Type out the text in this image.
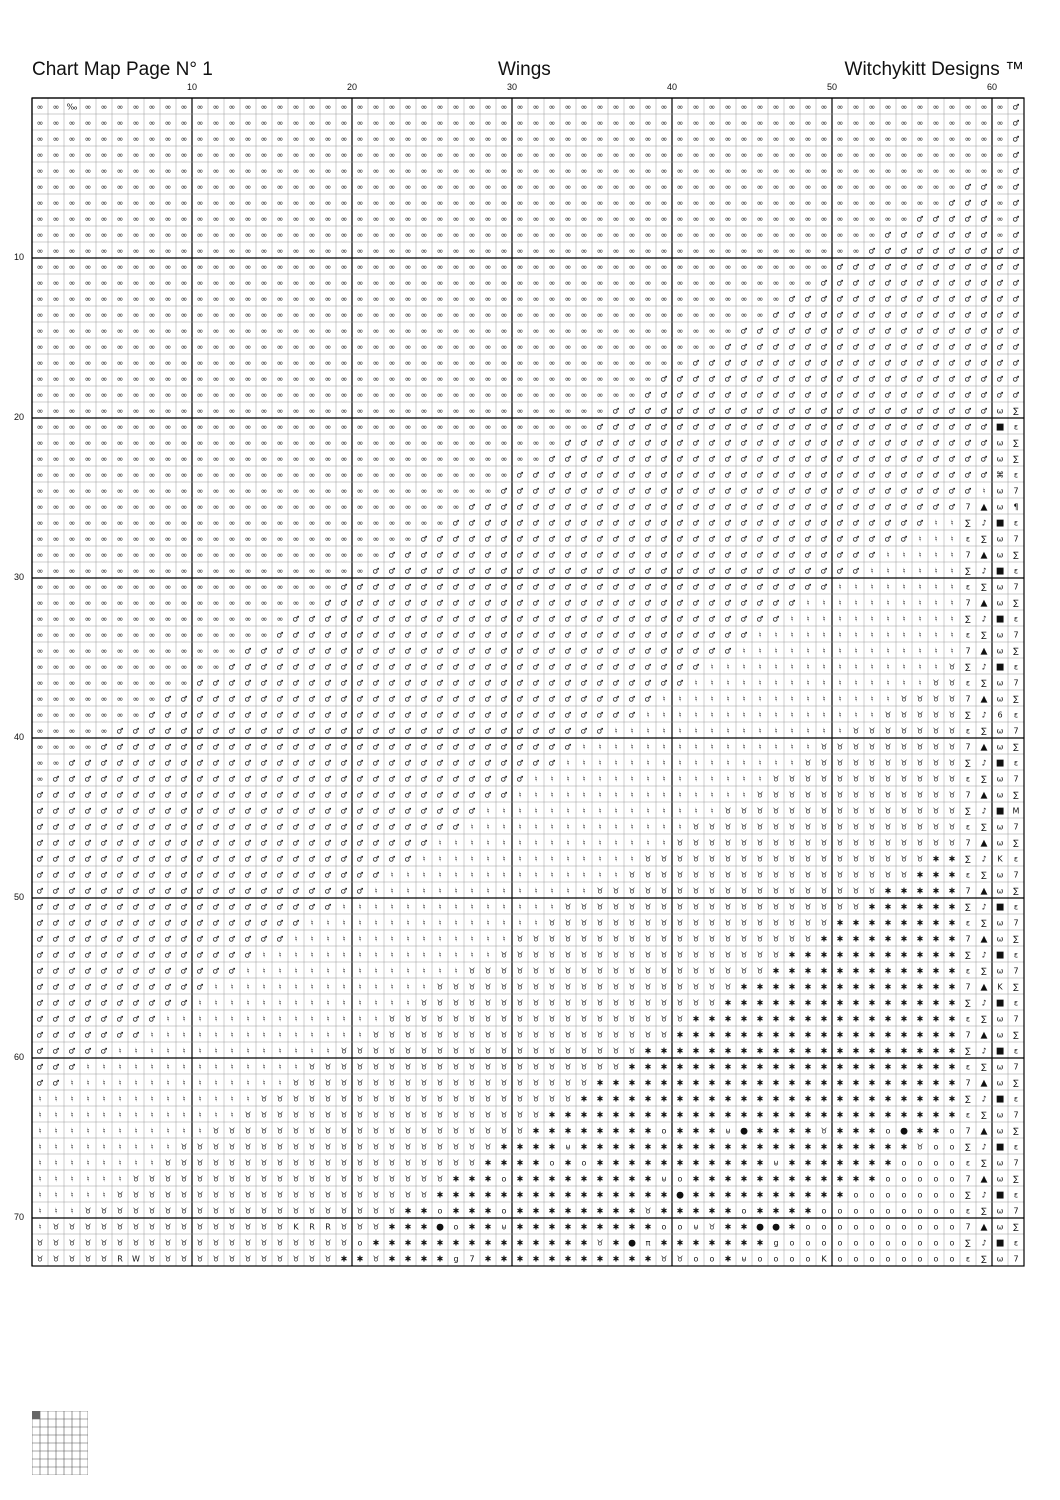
Chart Map Page N° 1	Wings	Witchykitt Designs ™
10	20	30	40	50	60
10
20
30
40
50
60
70
∞ ∞ ‰ ∞ ∞ ∞ ∞ ∞ ∞ ∞ ∞ ∞ ∞ ∞ ∞ ∞ ∞ ∞ ∞ ∞ ∞ ∞ ∞ ∞ ∞ ∞ ∞ ∞ ∞ ∞ ∞ ∞ ∞ ∞ ∞ ∞ ∞ ∞ ∞ ∞ ∞ ∞ ∞ ∞ ∞ ∞ ∞ ∞ ∞ ∞ ∞ ∞ ∞ ∞ ∞ ∞ ∞ ∞ ∞ ∞ ∞ ♂
∞ ∞ ∞ ∞ ∞ ∞ ∞ ∞ ∞ ∞ ∞ ∞ ∞ ∞ ∞ ∞ ∞ ∞ ∞ ∞ ∞ ∞ ∞ ∞ ∞ ∞ ∞ ∞ ∞ ∞ ∞ ∞ ∞ ∞ ∞ ∞ ∞ ∞ ∞ ∞ ∞ ∞ ∞ ∞ ∞ ∞ ∞ ∞ ∞ ∞ ∞ ∞ ∞ ∞ ∞ ∞ ∞ ∞ ∞ ∞ ∞ ♂
∞ ∞ ∞ ∞ ∞ ∞ ∞ ∞ ∞ ∞ ∞ ∞ ∞ ∞ ∞ ∞ ∞ ∞ ∞ ∞ ∞ ∞ ∞ ∞ ∞ ∞ ∞ ∞ ∞ ∞ ∞ ∞ ∞ ∞ ∞ ∞ ∞ ∞ ∞ ∞ ∞ ∞ ∞ ∞ ∞ ∞ ∞ ∞ ∞ ∞ ∞ ∞ ∞ ∞ ∞ ∞ ∞ ∞ ∞ ∞ ∞ ♂
∞ ∞ ∞ ∞ ∞ ∞ ∞ ∞ ∞ ∞ ∞ ∞ ∞ ∞ ∞ ∞ ∞ ∞ ∞ ∞ ∞ ∞ ∞ ∞ ∞ ∞ ∞ ∞ ∞ ∞ ∞ ∞ ∞ ∞ ∞ ∞ ∞ ∞ ∞ ∞ ∞ ∞ ∞ ∞ ∞ ∞ ∞ ∞ ∞ ∞ ∞ ∞ ∞ ∞ ∞ ∞ ∞ ∞ ∞ ∞ ∞ ♂
∞ ∞ ∞ ∞ ∞ ∞ ∞ ∞ ∞ ∞ ∞ ∞ ∞ ∞ ∞ ∞ ∞ ∞ ∞ ∞ ∞ ∞ ∞ ∞ ∞ ∞ ∞ ∞ ∞ ∞ ∞ ∞ ∞ ∞ ∞ ∞ ∞ ∞ ∞ ∞ ∞ ∞ ∞ ∞ ∞ ∞ ∞ ∞ ∞ ∞ ∞ ∞ ∞ ∞ ∞ ∞ ∞ ∞ ∞ ∞ ∞ ♂
∞ ∞ ∞ ∞ ∞ ∞ ∞ ∞ ∞ ∞ ∞ ∞ ∞ ∞ ∞ ∞ ∞ ∞ ∞ ∞ ∞ ∞ ∞ ∞ ∞ ∞ ∞ ∞ ∞ ∞ ∞ ∞ ∞ ∞ ∞ ∞ ∞ ∞ ∞ ∞ ∞ ∞ ∞ ∞ ∞ ∞ ∞ ∞ ∞ ∞ ∞ ∞ ∞ ∞ ∞ ∞ ∞ ∞ ♂ ♂ ∞ ♂
∞ ∞ ∞ ∞ ∞ ∞ ∞ ∞ ∞ ∞ ∞ ∞ ∞ ∞ ∞ ∞ ∞ ∞ ∞ ∞ ∞ ∞ ∞ ∞ ∞ ∞ ∞ ∞ ∞ ∞ ∞ ∞ ∞ ∞ ∞ ∞ ∞ ∞ ∞ ∞ ∞ ∞ ∞ ∞ ∞ ∞ ∞ ∞ ∞ ∞ ∞ ∞ ∞ ∞ ∞ ∞ ∞ ♂ ♂ ♂ ∞ ♂
∞ ∞ ∞ ∞ ∞ ∞ ∞ ∞ ∞ ∞ ∞ ∞ ∞ ∞ ∞ ∞ ∞ ∞ ∞ ∞ ∞ ∞ ∞ ∞ ∞ ∞ ∞ ∞ ∞ ∞ ∞ ∞ ∞ ∞ ∞ ∞ ∞ ∞ ∞ ∞ ∞ ∞ ∞ ∞ ∞ ∞ ∞ ∞ ∞ ∞ ∞ ∞ ∞ ∞ ∞ ♂ ♂ ♂ ♂ ♂ ∞ ♂
∞ ∞ ∞ ∞ ∞ ∞ ∞ ∞ ∞ ∞ ∞ ∞ ∞ ∞ ∞ ∞ ∞ ∞ ∞ ∞ ∞ ∞ ∞ ∞ ∞ ∞ ∞ ∞ ∞ ∞ ∞ ∞ ∞ ∞ ∞ ∞ ∞ ∞ ∞ ∞ ∞ ∞ ∞ ∞ ∞ ∞ ∞ ∞ ∞ ∞ ∞ ∞ ∞ ♂ ♂ ♂ ♂ ♂ ♂ ♂ ∞ ♂
∞ ∞ ∞ ∞ ∞ ∞ ∞ ∞ ∞ ∞ ∞ ∞ ∞ ∞ ∞ ∞ ∞ ∞ ∞ ∞ ∞ ∞ ∞ ∞ ∞ ∞ ∞ ∞ ∞ ∞ ∞ ∞ ∞ ∞ ∞ ∞ ∞ ∞ ∞ ∞ ∞ ∞ ∞ ∞ ∞ ∞ ∞ ∞ ∞ ∞ ∞ ∞ ♂ ♂ ♂ ♂ ♂ ♂ ♂ ♂ ♂ ♂
∞ ∞ ∞ ∞ ∞ ∞ ∞ ∞ ∞ ∞ ∞ ∞ ∞ ∞ ∞ ∞ ∞ ∞ ∞ ∞ ∞ ∞ ∞ ∞ ∞ ∞ ∞ ∞ ∞ ∞ ∞ ∞ ∞ ∞ ∞ ∞ ∞ ∞ ∞ ∞ ∞ ∞ ∞ ∞ ∞ ∞ ∞ ∞ ∞ ∞ ♂ ♂ ♂ ♂ ♂ ♂ ♂ ♂ ♂ ♂ ♂ ♂
∞ ∞ ∞ ∞ ∞ ∞ ∞ ∞ ∞ ∞ ∞ ∞ ∞ ∞ ∞ ∞ ∞ ∞ ∞ ∞ ∞ ∞ ∞ ∞ ∞ ∞ ∞ ∞ ∞ ∞ ∞ ∞ ∞ ∞ ∞ ∞ ∞ ∞ ∞ ∞ ∞ ∞ ∞ ∞ ∞ ∞ ∞ ∞ ∞ ♂ ♂ ♂ ♂ ♂ ♂ ♂ ♂ ♂ ♂ ♂ ♂ ♂
∞ ∞ ∞ ∞ ∞ ∞ ∞ ∞ ∞ ∞ ∞ ∞ ∞ ∞ ∞ ∞ ∞ ∞ ∞ ∞ ∞ ∞ ∞ ∞ ∞ ∞ ∞ ∞ ∞ ∞ ∞ ∞ ∞ ∞ ∞ ∞ ∞ ∞ ∞ ∞ ∞ ∞ ∞ ∞ ∞ ∞ ∞ ♂ ♂ ♂ ♂ ♂ ♂ ♂ ♂ ♂ ♂ ♂ ♂ ♂ ♂ ♂
∞ ∞ ∞ ∞ ∞ ∞ ∞ ∞ ∞ ∞ ∞ ∞ ∞ ∞ ∞ ∞ ∞ ∞ ∞ ∞ ∞ ∞ ∞ ∞ ∞ ∞ ∞ ∞ ∞ ∞ ∞ ∞ ∞ ∞ ∞ ∞ ∞ ∞ ∞ ∞ ∞ ∞ ∞ ∞ ∞ ∞ ♂ ♂ ♂ ♂ ♂ ♂ ♂ ♂ ♂ ♂ ♂ ♂ ♂ ♂ ♂ ♂
∞ ∞ ∞ ∞ ∞ ∞ ∞ ∞ ∞ ∞ ∞ ∞ ∞ ∞ ∞ ∞ ∞ ∞ ∞ ∞ ∞ ∞ ∞ ∞ ∞ ∞ ∞ ∞ ∞ ∞ ∞ ∞ ∞ ∞ ∞ ∞ ∞ ∞ ∞ ∞ ∞ ∞ ∞ ∞ ♂ ♂ ♂ ♂ ♂ ♂ ♂ ♂ ♂ ♂ ♂ ♂ ♂ ♂ ♂ ♂ ♂ ♂
∞ ∞ ∞ ∞ ∞ ∞ ∞ ∞ ∞ ∞ ∞ ∞ ∞ ∞ ∞ ∞ ∞ ∞ ∞ ∞ ∞ ∞ ∞ ∞ ∞ ∞ ∞ ∞ ∞ ∞ ∞ ∞ ∞ ∞ ∞ ∞ ∞ ∞ ∞ ∞ ∞ ∞ ∞ ♂ ♂ ♂ ♂ ♂ ♂ ♂ ♂ ♂ ♂ ♂ ♂ ♂ ♂ ♂ ♂ ♂ ♂ ♂
∞ ∞ ∞ ∞ ∞ ∞ ∞ ∞ ∞ ∞ ∞ ∞ ∞ ∞ ∞ ∞ ∞ ∞ ∞ ∞ ∞ ∞ ∞ ∞ ∞ ∞ ∞ ∞ ∞ ∞ ∞ ∞ ∞ ∞ ∞ ∞ ∞ ∞ ∞ ∞ ∞ ♂ ♂ ♂ ♂ ♂ ♂ ♂ ♂ ♂ ♂ ♂ ♂ ♂ ♂ ♂ ♂ ♂ ♂ ♂ ♂ ♂
∞ ∞ ∞ ∞ ∞ ∞ ∞ ∞ ∞ ∞ ∞ ∞ ∞ ∞ ∞ ∞ ∞ ∞ ∞ ∞ ∞ ∞ ∞ ∞ ∞ ∞ ∞ ∞ ∞ ∞ ∞ ∞ ∞ ∞ ∞ ∞ ∞ ∞ ∞ ♂ ♂ ♂ ♂ ♂ ♂ ♂ ♂ ♂ ♂ ♂ ♂ ♂ ♂ ♂ ♂ ♂ ♂ ♂ ♂ ♂ ♂ ♂
∞ ∞ ∞ ∞ ∞ ∞ ∞ ∞ ∞ ∞ ∞ ∞ ∞ ∞ ∞ ∞ ∞ ∞ ∞ ∞ ∞ ∞ ∞ ∞ ∞ ∞ ∞ ∞ ∞ ∞ ∞ ∞ ∞ ∞ ∞ ∞ ∞ ∞ ♂ ♂ ♂ ♂ ♂ ♂ ♂ ♂ ♂ ♂ ♂ ♂ ♂ ♂ ♂ ♂ ♂ ♂ ♂ ♂ ♂ ♂ ♂ ♂
∞ ∞ ∞ ∞ ∞ ∞ ∞ ∞ ∞ ∞ ∞ ∞ ∞ ∞ ∞ ∞ ∞ ∞ ∞ ∞ ∞ ∞ ∞ ∞ ∞ ∞ ∞ ∞ ∞ ∞ ∞ ∞ ∞ ∞ ∞ ∞ ♂ ♂ ♂ ♂ ♂ ♂ ♂ ♂ ♂ ♂ ♂ ♂ ♂ ♂ ♂ ♂ ♂ ♂ ♂ ♂ ♂ ♂ ♂ ♂ ω ∑
∞ ∞ ∞ ∞ ∞ ∞ ∞ ∞ ∞ ∞ ∞ ∞ ∞ ∞ ∞ ∞ ∞ ∞ ∞ ∞ ∞ ∞ ∞ ∞ ∞ ∞ ∞ ∞ ∞ ∞ ∞ ∞ ∞ ∞ ∞ ♂ ♂ ♂ ♂ ♂ ♂ ♂ ♂ ♂ ♂ ♂ ♂ ♂ ♂ ♂ ♂ ♂ ♂ ♂ ♂ ♂ ♂ ♂ ♂ ♂ ■ ε
∞ ∞ ∞ ∞ ∞ ∞ ∞ ∞ ∞ ∞ ∞ ∞ ∞ ∞ ∞ ∞ ∞ ∞ ∞ ∞ ∞ ∞ ∞ ∞ ∞ ∞ ∞ ∞ ∞ ∞ ∞ ∞ ∞ ♂ ♂ ♂ ♂ ♂ ♂ ♂ ♂ ♂ ♂ ♂ ♂ ♂ ♂ ♂ ♂ ♂ ♂ ♂ ♂ ♂ ♂ ♂ ♂ ♂ ♂ ♂ ω ∑
∞ ∞ ∞ ∞ ∞ ∞ ∞ ∞ ∞ ∞ ∞ ∞ ∞ ∞ ∞ ∞ ∞ ∞ ∞ ∞ ∞ ∞ ∞ ∞ ∞ ∞ ∞ ∞ ∞ ∞ ∞ ∞ ♂ ♂ ♂ ♂ ♂ ♂ ♂ ♂ ♂ ♂ ♂ ♂ ♂ ♂ ♂ ♂ ♂ ♂ ♂ ♂ ♂ ♂ ♂ ♂ ♂ ♂ ♂ ♂ ω ∑
∞ ∞ ∞ ∞ ∞ ∞ ∞ ∞ ∞ ∞ ∞ ∞ ∞ ∞ ∞ ∞ ∞ ∞ ∞ ∞ ∞ ∞ ∞ ∞ ∞ ∞ ∞ ∞ ∞ ∞ ♂ ♂ ♂ ♂ ♂ ♂ ♂ ♂ ♂ ♂ ♂ ♂ ♂ ♂ ♂ ♂ ♂ ♂ ♂ ♂ ♂ ♂ ♂ ♂ ♂ ♂ ♂ ♂ ♂ ♂ ⌘ ε
∞ ∞ ∞ ∞ ∞ ∞ ∞ ∞ ∞ ∞ ∞ ∞ ∞ ∞ ∞ ∞ ∞ ∞ ∞ ∞ ∞ ∞ ∞ ∞ ∞ ∞ ∞ ∞ ∞ ♂ ♂ ♂ ♂ ♂ ♂ ♂ ♂ ♂ ♂ ♂ ♂ ♂ ♂ ♂ ♂ ♂ ♂ ♂ ♂ ♂ ♂ ♂ ♂ ♂ ♂ ♂ ♂ ♂ ♂ ♮ ω 7
∞ ∞ ∞ ∞ ∞ ∞ ∞ ∞ ∞ ∞ ∞ ∞ ∞ ∞ ∞ ∞ ∞ ∞ ∞ ∞ ∞ ∞ ∞ ∞ ∞ ∞ ∞ ♂ ♂ ♂ ♂ ♂ ♂ ♂ ♂ ♂ ♂ ♂ ♂ ♂ ♂ ♂ ♂ ♂ ♂ ♂ ♂ ♂ ♂ ♂ ♂ ♂ ♂ ♂ ♂ ♂ ♂ ♂ 7 ▲ ω ¶
∞ ∞ ∞ ∞ ∞ ∞ ∞ ∞ ∞ ∞ ∞ ∞ ∞ ∞ ∞ ∞ ∞ ∞ ∞ ∞ ∞ ∞ ∞ ∞ ∞ ∞ ♂ ♂ ♂ ♂ ♂ ♂ ♂ ♂ ♂ ♂ ♂ ♂ ♂ ♂ ♂ ♂ ♂ ♂ ♂ ♂ ♂ ♂ ♂ ♂ ♂ ♂ ♂ ♂ ♂ ♂ ♮ ♮ ∑ ♪ ■ ε
∞ ∞ ∞ ∞ ∞ ∞ ∞ ∞ ∞ ∞ ∞ ∞ ∞ ∞ ∞ ∞ ∞ ∞ ∞ ∞ ∞ ∞ ∞ ∞ ♂ ♂ ♂ ♂ ♂ ♂ ♂ ♂ ♂ ♂ ♂ ♂ ♂ ♂ ♂ ♂ ♂ ♂ ♂ ♂ ♂ ♂ ♂ ♂ ♂ ♂ ♂ ♂ ♂ ♂ ♂ ♮ ♮ ♮ ε ∑ ω 7
∞ ∞ ∞ ∞ ∞ ∞ ∞ ∞ ∞ ∞ ∞ ∞ ∞ ∞ ∞ ∞ ∞ ∞ ∞ ∞ ∞ ∞ ♂ ♂ ♂ ♂ ♂ ♂ ♂ ♂ ♂ ♂ ♂ ♂ ♂ ♂ ♂ ♂ ♂ ♂ ♂ ♂ ♂ ♂ ♂ ♂ ♂ ♂ ♂ ♂ ♂ ♂ ♂ ♮ ♮ ♮ ♮ ♮ 7 ▲ ω ∑
∞ ∞ ∞ ∞ ∞ ∞ ∞ ∞ ∞ ∞ ∞ ∞ ∞ ∞ ∞ ∞ ∞ ∞ ∞ ∞ ∞ ♂ ♂ ♂ ♂ ♂ ♂ ♂ ♂ ♂ ♂ ♂ ♂ ♂ ♂ ♂ ♂ ♂ ♂ ♂ ♂ ♂ ♂ ♂ ♂ ♂ ♂ ♂ ♂ ♂ ♂ ♂ ♮ ♮ ♮ ♮ ♮ ♮ ∑ ♪ ■ ε
∞ ∞ ∞ ∞ ∞ ∞ ∞ ∞ ∞ ∞ ∞ ∞ ∞ ∞ ∞ ∞ ∞ ∞ ∞ ♂ ♂ ♂ ♂ ♂ ♂ ♂ ♂ ♂ ♂ ♂ ♂ ♂ ♂ ♂ ♂ ♂ ♂ ♂ ♂ ♂ ♂ ♂ ♂ ♂ ♂ ♂ ♂ ♂ ♂ ♂ ♮ ♮ ♮ ♮ ♮ ♮ ♮ ♮ ε ∑ ω 7
∞ ∞ ∞ ∞ ∞ ∞ ∞ ∞ ∞ ∞ ∞ ∞ ∞ ∞ ∞ ∞ ∞ ∞ ♂ ♂ ♂ ♂ ♂ ♂ ♂ ♂ ♂ ♂ ♂ ♂ ♂ ♂ ♂ ♂ ♂ ♂ ♂ ♂ ♂ ♂ ♂ ♂ ♂ ♂ ♂ ♂ ♂ ♂ ♮ ♮ ♮ ♮ ♮ ♮ ♮ ♮ ♮ ♮ 7 ▲ ω ∑
∞ ∞ ∞ ∞ ∞ ∞ ∞ ∞ ∞ ∞ ∞ ∞ ∞ ∞ ∞ ∞ ♂ ♂ ♂ ♂ ♂ ♂ ♂ ♂ ♂ ♂ ♂ ♂ ♂ ♂ ♂ ♂ ♂ ♂ ♂ ♂ ♂ ♂ ♂ ♂ ♂ ♂ ♂ ♂ ♂ ♂ ♂ ♮ ♮ ♮ ♮ ♮ ♮ ♮ ♮ ♮ ♮ ♮ ∑ ♪ ■ ε
∞ ∞ ∞ ∞ ∞ ∞ ∞ ∞ ∞ ∞ ∞ ∞ ∞ ∞ ∞ ♂ ♂ ♂ ♂ ♂ ♂ ♂ ♂ ♂ ♂ ♂ ♂ ♂ ♂ ♂ ♂ ♂ ♂ ♂ ♂ ♂ ♂ ♂ ♂ ♂ ♂ ♂ ♂ ♂ ♂ ♮ ♮ ♮ ♮ ♮ ♮ ♮ ♮ ♮ ♮ ♮ ♮ ♮ ε ∑ ω 7
∞ ∞ ∞ ∞ ∞ ∞ ∞ ∞ ∞ ∞ ∞ ∞ ∞ ♂ ♂ ♂ ♂ ♂ ♂ ♂ ♂ ♂ ♂ ♂ ♂ ♂ ♂ ♂ ♂ ♂ ♂ ♂ ♂ ♂ ♂ ♂ ♂ ♂ ♂ ♂ ♂ ♂ ♂ ♂ ♮ ♮ ♮ ♮ ♮ ♮ ♮ ♮ ♮ ♮ ♮ ♮ ♮ ♮ 7 ▲ ω ∑
∞ ∞ ∞ ∞ ∞ ∞ ∞ ∞ ∞ ∞ ∞ ∞ ♂ ♂ ♂ ♂ ♂ ♂ ♂ ♂ ♂ ♂ ♂ ♂ ♂ ♂ ♂ ♂ ♂ ♂ ♂ ♂ ♂ ♂ ♂ ♂ ♂ ♂ ♂ ♂ ♂ ♂ ♮ ♮ ♮ ♮ ♮ ♮ ♮ ♮ ♮ ♮ ♮ ♮ ♮ ♮ ♮ ♉ ∑ ♪ ■ ε
∞ ∞ ∞ ∞ ∞ ∞ ∞ ∞ ∞ ∞ ♂ ♂ ♂ ♂ ♂ ♂ ♂ ♂ ♂ ♂ ♂ ♂ ♂ ♂ ♂ ♂ ♂ ♂ ♂ ♂ ♂ ♂ ♂ ♂ ♂ ♂ ♂ ♂ ♂ ♂ ♂ ♮ ♮ ♮ ♮ ♮ ♮ ♮ ♮ ♮ ♮ ♮ ♮ ♮ ♮ ♮ ♉ ♉ ε ∑ ω 7
∞ ∞ ∞ ∞ ∞ ∞ ∞ ∞ ♂ ♂ ♂ ♂ ♂ ♂ ♂ ♂ ♂ ♂ ♂ ♂ ♂ ♂ ♂ ♂ ♂ ♂ ♂ ♂ ♂ ♂ ♂ ♂ ♂ ♂ ♂ ♂ ♂ ♂ ♂ ♮ ♮ ♮ ♮ ♮ ♮ ♮ ♮ ♮ ♮ ♮ ♮ ♮ ♮ ♮ ♉ ♉ ♉ ♉ 7 ▲ ω ∑
∞ ∞ ∞ ∞ ∞ ∞ ∞ ♂ ♂ ♂ ♂ ♂ ♂ ♂ ♂ ♂ ♂ ♂ ♂ ♂ ♂ ♂ ♂ ♂ ♂ ♂ ♂ ♂ ♂ ♂ ♂ ♂ ♂ ♂ ♂ ♂ ♂ ♂ ♮ ♮ ♮ ♮ ♮ ♮ ♮ ♮ ♮ ♮ ♮ ♮ ♮ ♮ ♮ ♉ ♉ ♉ ♉ ♉ ∑ ♪ 6 ε
∞ ∞ ∞ ∞ ∞ ♂ ♂ ♂ ♂ ♂ ♂ ♂ ♂ ♂ ♂ ♂ ♂ ♂ ♂ ♂ ♂ ♂ ♂ ♂ ♂ ♂ ♂ ♂ ♂ ♂ ♂ ♂ ♂ ♂ ♂ ♂ ♮ ♮ ♮ ♮ ♮ ♮ ♮ ♮ ♮ ♮ ♮ ♮ ♮ ♮ ♮ ♉ ♉ ♉ ♉ ♉ ♉ ♉ ε ∑ ω 7
∞ ∞ ∞ ∞ ♂ ♂ ♂ ♂ ♂ ♂ ♂ ♂ ♂ ♂ ♂ ♂ ♂ ♂ ♂ ♂ ♂ ♂ ♂ ♂ ♂ ♂ ♂ ♂ ♂ ♂ ♂ ♂ ♂ ♂ ♮ ♮ ♮ ♮ ♮ ♮ ♮ ♮ ♮ ♮ ♮ ♮ ♮ ♮ ♮ ♉ ♉ ♉ ♉ ♉ ♉ ♉ ♉ ♉ 7 ▲ ω ∑
∞ ∞ ♂ ♂ ♂ ♂ ♂ ♂ ♂ ♂ ♂ ♂ ♂ ♂ ♂ ♂ ♂ ♂ ♂ ♂ ♂ ♂ ♂ ♂ ♂ ♂ ♂ ♂ ♂ ♂ ♂ ♂ ♂ ♮ ♮ ♮ ♮ ♮ ♮ ♮ ♮ ♮ ♮ ♮ ♮ ♮ ♮ ♮ ♉ ♉ ♉ ♉ ♉ ♉ ♉ ♉ ♉ ♉ ∑ ♪ ■ ε
∞ ♂ ♂ ♂ ♂ ♂ ♂ ♂ ♂ ♂ ♂ ♂ ♂ ♂ ♂ ♂ ♂ ♂ ♂ ♂ ♂ ♂ ♂ ♂ ♂ ♂ ♂ ♂ ♂ ♂ ♂ ♮ ♮ ♮ ♮ ♮ ♮ ♮ ♮ ♮ ♮ ♮ ♮ ♮ ♮ ♮ ♉ ♉ ♉ ♉ ♉ ♉ ♉ ♉ ♉ ♉ ♉ ♉ ε ∑ ω 7
♂ ♂ ♂ ♂ ♂ ♂ ♂ ♂ ♂ ♂ ♂ ♂ ♂ ♂ ♂ ♂ ♂ ♂ ♂ ♂ ♂ ♂ ♂ ♂ ♂ ♂ ♂ ♂ ♂ ♂ ♮ ♮ ♮ ♮ ♮ ♮ ♮ ♮ ♮ ♮ ♮ ♮ ♮ ♮ ♮ ♉ ♉ ♉ ♉ ♉ ♉ ♉ ♉ ♉ ♉ ♉ ♉ ♉ 7 ▲ ω ∑
♂ ♂ ♂ ♂ ♂ ♂ ♂ ♂ ♂ ♂ ♂ ♂ ♂ ♂ ♂ ♂ ♂ ♂ ♂ ♂ ♂ ♂ ♂ ♂ ♂ ♂ ♂ ♂ ♮ ♮ ♮ ♮ ♮ ♮ ♮ ♮ ♮ ♮ ♮ ♮ ♮ ♮ ♮ ♉ ♉ ♉ ♉ ♉ ♉ ♉ ♉ ♉ ♉ ♉ ♉ ♉ ♉ ♉ ∑ ♪ ■ M
♂ ♂ ♂ ♂ ♂ ♂ ♂ ♂ ♂ ♂ ♂ ♂ ♂ ♂ ♂ ♂ ♂ ♂ ♂ ♂ ♂ ♂ ♂ ♂ ♂ ♂ ♂ ♮ ♮ ♮ ♮ ♮ ♮ ♮ ♮ ♮ ♮ ♮ ♮ ♮ ♮ ♉ ♉ ♉ ♉ ♉ ♉ ♉ ♉ ♉ ♉ ♉ ♉ ♉ ♉ ♉ ♉ ♉ ε ∑ ω 7
♂ ♂ ♂ ♂ ♂ ♂ ♂ ♂ ♂ ♂ ♂ ♂ ♂ ♂ ♂ ♂ ♂ ♂ ♂ ♂ ♂ ♂ ♂ ♂ ♂ ♮ ♮ ♮ ♮ ♮ ♮ ♮ ♮ ♮ ♮ ♮ ♮ ♮ ♮ ♮ ♉ ♉ ♉ ♉ ♉ ♉ ♉ ♉ ♉ ♉ ♉ ♉ ♉ ♉ ♉ ♉ ♉ ♉ 7 ▲ ω ∑
♂ ♂ ♂ ♂ ♂ ♂ ♂ ♂ ♂ ♂ ♂ ♂ ♂ ♂ ♂ ♂ ♂ ♂ ♂ ♂ ♂ ♂ ♂ ♂ ♮ ♮ ♮ ♮ ♮ ♮ ♮ ♮ ♮ ♮ ♮ ♮ ♮ ♮ ♉ ♉ ♉ ♉ ♉ ♉ ♉ ♉ ♉ ♉ ♉ ♉ ♉ ♉ ♉ ♉ ♉ ♉ ✱ ✱ ∑ ♪ K ε
♂ ♂ ♂ ♂ ♂ ♂ ♂ ♂ ♂ ♂ ♂ ♂ ♂ ♂ ♂ ♂ ♂ ♂ ♂ ♂ ♂ ♂ ♮ ♮ ♮ ♮ ♮ ♮ ♮ ♮ ♮ ♮ ♮ ♮ ♮ ♮ ♮ ♉ ♉ ♉ ♉ ♉ ♉ ♉ ♉ ♉ ♉ ♉ ♉ ♉ ♉ ♉ ♉ ♉ ♉ ✱ ✱ ✱ ε ∑ ω 7
♂ ♂ ♂ ♂ ♂ ♂ ♂ ♂ ♂ ♂ ♂ ♂ ♂ ♂ ♂ ♂ ♂ ♂ ♂ ♂ ♂ ♮ ♮ ♮ ♮ ♮ ♮ ♮ ♮ ♮ ♮ ♮ ♮ ♮ ♮ ♉ ♉ ♉ ♉ ♉ ♉ ♉ ♉ ♉ ♉ ♉ ♉ ♉ ♉ ♉ ♉ ♉ ♉ ✱ ✱ ✱ ✱ ✱ 7 ▲ ω ∑
♂ ♂ ♂ ♂ ♂ ♂ ♂ ♂ ♂ ♂ ♂ ♂ ♂ ♂ ♂ ♂ ♂ ♂ ♂ ♮ ♮ ♮ ♮ ♮ ♮ ♮ ♮ ♮ ♮ ♮ ♮ ♮ ♮ ♉ ♉ ♉ ♉ ♉ ♉ ♉ ♉ ♉ ♉ ♉ ♉ ♉ ♉ ♉ ♉ ♉ ♉ ♉ ✱ ✱ ✱ ✱ ✱ ✱ ∑ ♪ ■ ε
♂ ♂ ♂ ♂ ♂ ♂ ♂ ♂ ♂ ♂ ♂ ♂ ♂ ♂ ♂ ♂ ♂ ♮ ♮ ♮ ♮ ♮ ♮ ♮ ♮ ♮ ♮ ♮ ♮ ♮ ♮ ♮ ♉ ♉ ♉ ♉ ♉ ♉ ♉ ♉ ♉ ♉ ♉ ♉ ♉ ♉ ♉ ♉ ♉ ♉ ✱ ✱ ✱ ✱ ✱ ✱ ✱ ✱ ε ∑ ω 7
♂ ♂ ♂ ♂ ♂ ♂ ♂ ♂ ♂ ♂ ♂ ♂ ♂ ♂ ♂ ♂ ♮ ♮ ♮ ♮ ♮ ♮ ♮ ♮ ♮ ♮ ♮ ♮ ♮ ♮ ♉ ♉ ♉ ♉ ♉ ♉ ♉ ♉ ♉ ♉ ♉ ♉ ♉ ♉ ♉ ♉ ♉ ♉ ♉ ✱ ✱ ✱ ✱ ✱ ✱ ✱ ✱ ✱ 7 ▲ ω ∑
♂ ♂ ♂ ♂ ♂ ♂ ♂ ♂ ♂ ♂ ♂ ♂ ♂ ♂ ♮ ♮ ♮ ♮ ♮ ♮ ♮ ♮ ♮ ♮ ♮ ♮ ♮ ♮ ♮ ♉ ♉ ♉ ♉ ♉ ♉ ♉ ♉ ♉ ♉ ♉ ♉ ♉ ♉ ♉ ♉ ♉ ♉ ✱ ✱ ✱ ✱ ✱ ✱ ✱ ✱ ✱ ✱ ✱ ∑ ♪ ■ ε
♂ ♂ ♂ ♂ ♂ ♂ ♂ ♂ ♂ ♂ ♂ ♂ ♂ ♮ ♮ ♮ ♮ ♮ ♮ ♮ ♮ ♮ ♮ ♮ ♮ ♮ ♮ ♉ ♉ ♉ ♉ ♉ ♉ ♉ ♉ ♉ ♉ ♉ ♉ ♉ ♉ ♉ ♉ ♉ ♉ ♉ ✱ ✱ ✱ ✱ ✱ ✱ ✱ ✱ ✱ ✱ ✱ ✱ ε ∑ ω 7
♂ ♂ ♂ ♂ ♂ ♂ ♂ ♂ ♂ ♂ ♂ ♮ ♮ ♮ ♮ ♮ ♮ ♮ ♮ ♮ ♮ ♮ ♮ ♮ ♮ ♉ ♉ ♉ ♉ ♉ ♉ ♉ ♉ ♉ ♉ ♉ ♉ ♉ ♉ ♉ ♉ ♉ ♉ ♉ ✱ ✱ ✱ ✱ ✱ ✱ ✱ ✱ ✱ ✱ ✱ ✱ ✱ ✱ 7 ▲ K ∑
♂ ♂ ♂ ♂ ♂ ♂ ♂ ♂ ♂ ♂ ♮ ♮ ♮ ♮ ♮ ♮ ♮ ♮ ♮ ♮ ♮ ♮ ♮ ♮ ♉ ♉ ♉ ♉ ♉ ♉ ♉ ♉ ♉ ♉ ♉ ♉ ♉ ♉ ♉ ♉ ♉ ♉ ♉ ✱ ✱ ✱ ✱ ✱ ✱ ✱ ✱ ✱ ✱ ✱ ✱ ✱ ✱ ✱ ∑ ♪ ■ ε
♂ ♂ ♂ ♂ ♂ ♂ ♂ ♂ ♮ ♮ ♮ ♮ ♮ ♮ ♮ ♮ ♮ ♮ ♮ ♮ ♮ ♮ ♉ ♉ ♉ ♉ ♉ ♉ ♉ ♉ ♉ ♉ ♉ ♉ ♉ ♉ ♉ ♉ ♉ ♉ ♉ ✱ ✱ ✱ ✱ ✱ ✱ ✱ ✱ ✱ ✱ ✱ ✱ ✱ ✱ ✱ ✱ ✱ ε ∑ ω 7
♂ ♂ ♂ ♂ ♂ ♂ ♂ ♮ ♮ ♮ ♮ ♮ ♮ ♮ ♮ ♮ ♮ ♮ ♮ ♮ ♮ ♉ ♉ ♉ ♉ ♉ ♉ ♉ ♉ ♉ ♉ ♉ ♉ ♉ ♉ ♉ ♉ ♉ ♉ ♉ ✱ ✱ ✱ ✱ ✱ ✱ ✱ ✱ ✱ ✱ ✱ ✱ ✱ ✱ ✱ ✱ ✱ ✱ 7 ▲ ω ∑
♂ ♂ ♂ ♂ ♂ ♮ ♮ ♮ ♮ ♮ ♮ ♮ ♮ ♮ ♮ ♮ ♮ ♮ ♮ ♉ ♉ ♉ ♉ ♉ ♉ ♉ ♉ ♉ ♉ ♉ ♉ ♉ ♉ ♉ ♉ ♉ ♉ ♉ ✱ ✱ ✱ ✱ ✱ ✱ ✱ ✱ ✱ ✱ ✱ ✱ ✱ ✱ ✱ ✱ ✱ ✱ ✱ ✱ ∑ ♪ ■ ε
♂ ♂ ♂ ♮ ♮ ♮ ♮ ♮ ♮ ♮ ♮ ♮ ♮ ♮ ♮ ♮ ♮ ♉ ♉ ♉ ♉ ♉ ♉ ♉ ♉ ♉ ♉ ♉ ♉ ♉ ♉ ♉ ♉ ♉ ♉ ♉ ♉ ✱ ✱ ✱ ✱ ✱ ✱ ✱ ✱ ✱ ✱ ✱ ✱ ✱ ✱ ✱ ✱ ✱ ✱ ✱ ✱ ✱ ε ∑ ω 7
♂ ♂ ♮ ♮ ♮ ♮ ♮ ♮ ♮ ♮ ♮ ♮ ♮ ♮ ♮ ♮ ♉ ♉ ♉ ♉ ♉ ♉ ♉ ♉ ♉ ♉ ♉ ♉ ♉ ♉ ♉ ♉ ♉ ♉ ♉ ✱ ✱ ✱ ✱ ✱ ✱ ✱ ✱ ✱ ✱ ✱ ✱ ✱ ✱ ✱ ✱ ✱ ✱ ✱ ✱ ✱ ✱ ✱ 7 ▲ ω ∑
♮ ♮ ♮ ♮ ♮ ♮ ♮ ♮ ♮ ♮ ♮ ♮ ♮ ♮ ♉ ♉ ♉ ♉ ♉ ♉ ♉ ♉ ♉ ♉ ♉ ♉ ♉ ♉ ♉ ♉ ♉ ♉ ♉ ♉ ✱ ✱ ✱ ✱ ✱ ✱ ✱ ✱ ✱ ✱ ✱ ✱ ✱ ✱ ✱ ✱ ✱ ✱ ✱ ✱ ✱ ✱ ✱ ✱ ∑ ♪ ■ ε
♮ ♮ ♮ ♮ ♮ ♮ ♮ ♮ ♮ ♮ ♮ ♮ ♮ ♉ ♉ ♉ ♉ ♉ ♉ ♉ ♉ ♉ ♉ ♉ ♉ ♉ ♉ ♉ ♉ ♉ ♉ ♉ ✱ ✱ ✱ ✱ ✱ ✱ ✱ ✱ ✱ ✱ ✱ ✱ ✱ ✱ ✱ ✱ ✱ ✱ ✱ ✱ ✱ ✱ ✱ ✱ ✱ ✱ ε ∑ ω 7
♮ ♮ ♮ ♮ ♮ ♮ ♮ ♮ ♮ ♮ ♮ ♉ ♉ ♉ ♉ ♉ ♉ ♉ ♉ ♉ ♉ ♉ ♉ ♉ ♉ ♉ ♉ ♉ ♉ ♉ ♉ ✱ ✱ ✱ ✱ ✱ ✱ ✱ ✱ o ✱ ✱ ✱ ⊎ ● ✱ ✱ ✱ ✱ ♉ ✱ ✱ ✱ o ● ✱ ✱ o 7 ▲ ω ∑
♮ ♮ ♮ ♮ ♮ ♮ ♮ ♮ ♮ ♉ ♉ ♉ ♉ ♉ ♉ ♉ ♉ ♉ ♉ ♉ ♉ ♉ ♉ ♉ ♉ ♉ ♉ ♉ ♉ ✱ ✱ ✱ ✱ ⊎ ✱ ✱ ✱ ✱ ✱ ✱ ✱ ✱ ✱ ✱ ✱ ✱ ✱ ✱ ✱ ✱ ✱ ✱ ✱ ✱ ✱ ♉ o o ∑ ♪ ■ ε
♮ ♮ ♮ ♮ ♮ ♮ ♮ ♮ ♉ ♉ ♉ ♉ ♉ ♉ ♉ ♉ ♉ ♉ ♉ ♉ ♉ ♉ ♉ ♉ ♉ ♉ ♉ ♉ ✱ ✱ ✱ ✱ o ✱ o ✱ ✱ ✱ ✱ ✱ ✱ ✱ ✱ ✱ ✱ ✱ ⊎ ✱ ✱ ✱ ✱ ✱ ✱ ✱ o o o o ε ∑ ω 7
♮ ♮ ♮ ♮ ♮ ♮ ♉ ♉ ♉ ♉ ♉ ♉ ♉ ♉ ♉ ♉ ♉ ♉ ♉ ♉ ♉ ♉ ♉ ♉ ♉ ♉ ✱ ✱ ✱ o ✱ ✱ ✱ ✱ ✱ ✱ ✱ ✱ ✱ ⊎ o ✱ ✱ ✱ ✱ ✱ ✱ ✱ ✱ ✱ ✱ ✱ ✱ o o o o o 7 ▲ ω ∑
♮ ♮ ♮ ♮ ♮ ♉ ♉ ♉ ♉ ♉ ♉ ♉ ♉ ♉ ♉ ♉ ♉ ♉ ♉ ♉ ♉ ♉ ♉ ♉ ♉ ✱ ✱ ✱ ✱ ✱ ✱ ✱ ✱ ✱ ✱ ✱ ✱ ✱ ✱ ✱ ● ✱ ✱ ✱ ✱ ✱ ✱ ✱ ✱ ✱ ✱ o o o o o o o ∑ ♪ ■ ε
♮ ♮ ♮ ♉ ♉ ♉ ♉ ♉ ♉ ♉ ♉ ♉ ♉ ♉ ♉ ♉ ♉ ♉ ♉ ♉ ♉ ♉ ♉ ✱ ✱ o ✱ ✱ ✱ o ✱ ✱ ✱ ✱ ✱ ✱ ✱ ✱ ♉ ✱ ✱ ✱ ✱ ✱ o ✱ ✱ ✱ ✱ o o o o o o o o o ε ∑ ω 7
♮ ♉ ♉ ♉ ♉ ♉ ♉ ♉ ♉ ♉ ♉ ♉ ♉ ♉ ♉ ♉ K R R ♉ ♉ ♉ ✱ ✱ ✱ ● o ✱ ✱ ⊎ ✱ ✱ ✱ ✱ ✱ ✱ ✱ ✱ ✱ o o ⊎ ♉ ✱ ✱ ● ● ✱ o o o o o o o o o o 7 ▲ ω ∑
♉ ♉ ♉ ♉ ♉ ♉ ♉ ♉ ♉ ♉ ♉ ♉ ♉ ♉ ♉ ♉ ♉ ♉ ♉ ♉ o ✱ ✱ ✱ ✱ ✱ ✱ ✱ ✱ ✱ ✱ ✱ ✱ ✱ ✱ ♉ ✱ ● π ✱ ✱ ✱ ✱ ✱ ✱ ✱ g o o o o o o o o o o o ∑ ♪ ■ ε
♉ ♉ ♉ ♉ ♉ R W ♉ ♉ ♉ ♉ ♉ ♉ ♉ ♉ ♉ ♉ ♉ ♉ ✱ ✱ ♉ ✱ ✱ ✱ ✱ g 7 ✱ ✱ ✱ ✱ ✱ ✱ ✱ ✱ ✱ ✱ ✱ ♉ ♉ o o ✱ ⊎ o o o o K o o o o o o o o ε ∑ ω 7
